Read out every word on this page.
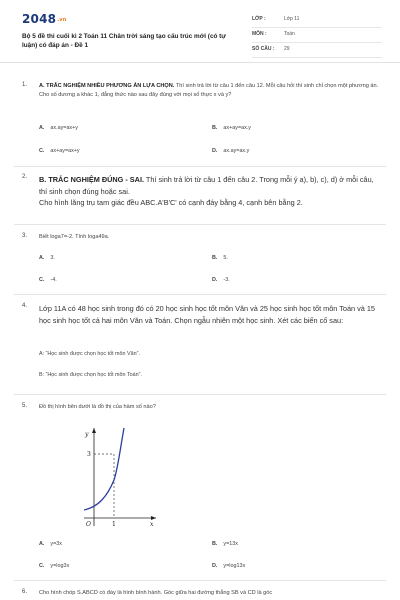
2048.vn
Bộ 5 đề thi cuối kì 2 Toán 11 Chân trời sáng tạo cấu trúc mới (có tự luận) có đáp án - Đề 1
LỚP :	Lớp 11
MÔN :	Toán
SỐ CÂU : 29
1. A. TRẮC NGHIỆM NHIỀU PHƯƠNG ÁN LỰA CHỌN. Thí sinh trả lời từ câu 1 đến câu 12. Mỗi câu hỏi thí sinh chỉ chọn một phương án.
Cho số dương a khác 1, đẳng thức nào sau đây đúng với mọi số thực x và y?
A. ax.ay=ax+y	B. ax+ay=ax.y
C. ax+ay=ax+y	D. ax.ay=ax.y
2. B. TRẮC NGHIỆM ĐÚNG - SAI. Thí sinh trả lời từ câu 1 đến câu 2. Trong mỗi ý a), b), c), d) ở mỗi câu, thí sinh chọn đúng hoặc sai.
Cho hình lăng trụ tam giác đều ABC.A'B'C' có cạnh đáy bằng 4, cạnh bên bằng 2.
3. Biết loga7=-2. Tính loga49a.
A. 3.	B. 5.
C. -4.	D. -3.
4. Lớp 11A có 48 học sinh trong đó có 20 học sinh học tốt môn Văn và 25 học sinh học tốt môn Toán và 15 học sinh học tốt cả hai môn Văn và Toán. Chọn ngẫu nhiên một học sinh. Xét các biến cố sau:
A: “Học sinh được chọn học tốt môn Văn”.
B: “Học sinh được chọn học tốt môn Toán”.
5. Đồ thị hình bên dưới là đồ thị của hàm số nào?
y
x
O	1
3
A. y=3x	B. y=13x
C. y=log3x	D. y=log13x
6. Cho hình chóp S.ABCD có đáy là hình bình hành. Góc giữa hai đường thẳng SB và CD là góc
